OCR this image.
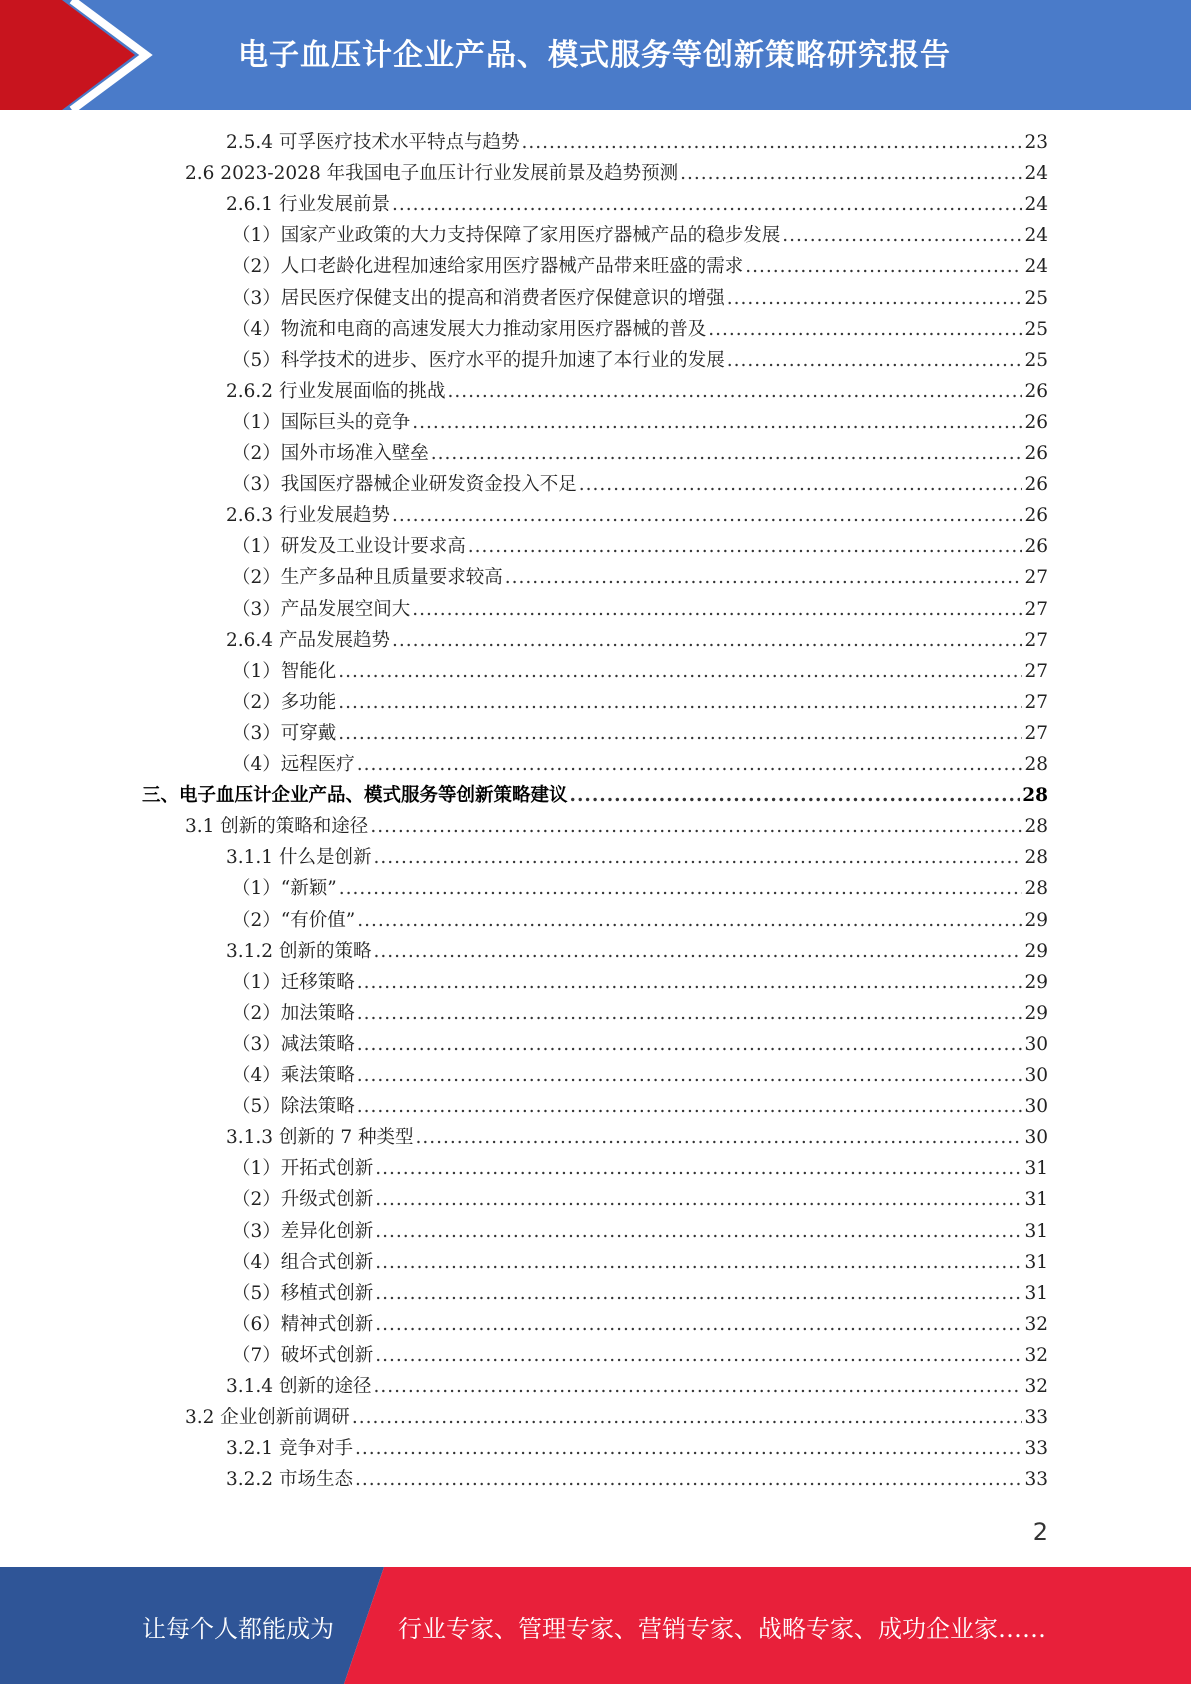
电子血压计企业产品、模式服务等创新策略研究报告
2.5.4 可孚医疗技术水平特点与趋势 .....	23
2.6 2023-2028 年我国电子血压计行业发展前景及趋势预测 .....	24
2.6.1 行业发展前景 .....	24
（1）国家产业政策的大力支持保障了家用医疗器械产品的稳步发展 .....	24
（2）人口老龄化进程加速给家用医疗器械产品带来旺盛的需求 .....	24
（3）居民医疗保健支出的提高和消费者医疗保健意识的增强 .....	25
（4）物流和电商的高速发展大力推动家用医疗器械的普及 .....	25
（5）科学技术的进步、医疗水平的提升加速了本行业的发展 .....	25
2.6.2 行业发展面临的挑战 .....	26
（1）国际巨头的竞争 .....	26
（2）国外市场准入壁垒 .....	26
（3）我国医疗器械企业研发资金投入不足 .....	26
2.6.3 行业发展趋势 .....	26
（1）研发及工业设计要求高 .....	26
（2）生产多品种且质量要求较高 .....	27
（3）产品发展空间大 .....	27
2.6.4 产品发展趋势 .....	27
（1）智能化 .....	27
（2）多功能 .....	27
（3）可穿戴 .....	27
（4）远程医疗 .....	28
三、电子血压计企业产品、模式服务等创新策略建议 .....	28
3.1 创新的策略和途径 .....	28
3.1.1 什么是创新 .....	28
（1）“新颖” .....	28
（2）“有价值” .....	29
3.1.2 创新的策略 .....	29
（1）迁移策略 .....	29
（2）加法策略 .....	29
（3）减法策略 .....	30
（4）乘法策略 .....	30
（5）除法策略 .....	30
3.1.3 创新的 7 种类型 .....	30
（1）开拓式创新 .....	31
（2）升级式创新 .....	31
（3）差异化创新 .....	31
（4）组合式创新 .....	31
（5）移植式创新 .....	31
（6）精神式创新 .....	32
（7）破坏式创新 .....	32
3.1.4 创新的途径 .....	32
3.2 企业创新前调研 .....	33
3.2.1 竞争对手 .....	33
3.2.2 市场生态 .....	33
2
让每个人都能成为	行业专家、管理专家、营销专家、战略专家、成功企业家……
